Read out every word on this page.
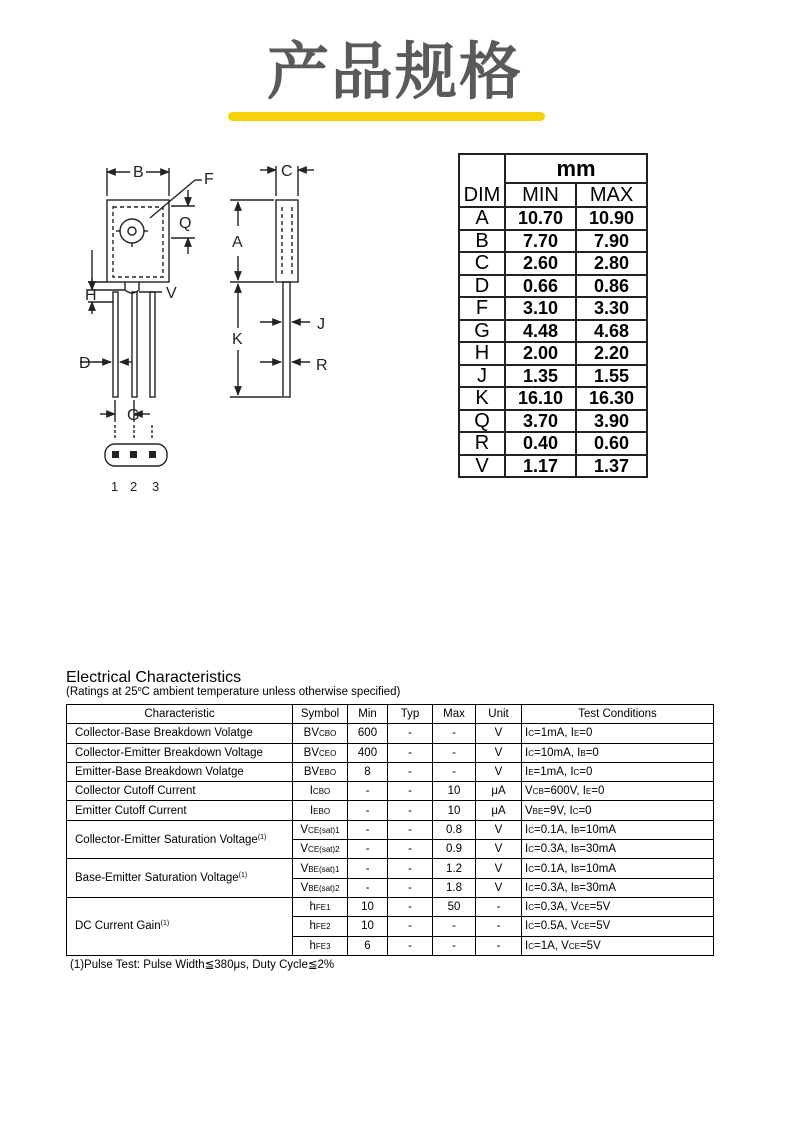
产品规格
B	F
Q
A
H	V
D
G
C
J
K
R
1 2 3
	mm	
DIM	MIN	MAX
A	10.70	10.90
B	7.70	7.90
C	2.60	2.80
D	0.66	0.86
F	3.10	3.30
G	4.48	4.68
H	2.00	2.20
J	1.35	1.55
K	16.10	16.30
Q	3.70	3.90
R	0.40	0.60
V	1.17	1.37
Electrical Characteristics
(Ratings at 25$^o$C ambient temperature unless otherwise specified)
Characteristic	Symbol	Min	Typ	Max	Unit	Test Conditions
Collector-Base Breakdown Volatge	BVCBO	600	-	-	V	IC=1mA, IE=0
Collector-Emitter Breakdown Voltage	BVCEO	400	-	-	V	IC=10mA, IB=0
Emitter-Base Breakdown Volatge	BVEBO	8	-	-	V	IE=1mA, IC=0
Collector Cutoff Current	ICBO	-	-	10	μA	VCB=600V, IE=0
Emitter Cutoff Current	IEBO	-	-	10	μA	VBE=9V, IC=0
Collector-Emitter Saturation Voltage$^{(1)}$	VCE(sat)1	-	-	0.8	V	IC=0.1A, IB=10mA
	VCE(sat)2	-	-	0.9	V	IC=0.3A, IB=30mA
Base-Emitter Saturation Voltage$^{(1)}$	VBE(sat)1	-	-	1.2	V	IC=0.1A, IB=10mA
	VBE(sat)2	-	-	1.8	V	IC=0.3A, IB=30mA
DC Current Gain$^{(1)}$	hFE1	10	-	50	-	IC=0.3A, VCE=5V
	hFE2	10	-	-	-	IC=0.5A, VCE=5V
	hFE3	6	-	-	-	IC=1A, VCE=5V
(1)Pulse Test: Pulse Width≦380μs, Duty Cycle≦2%
